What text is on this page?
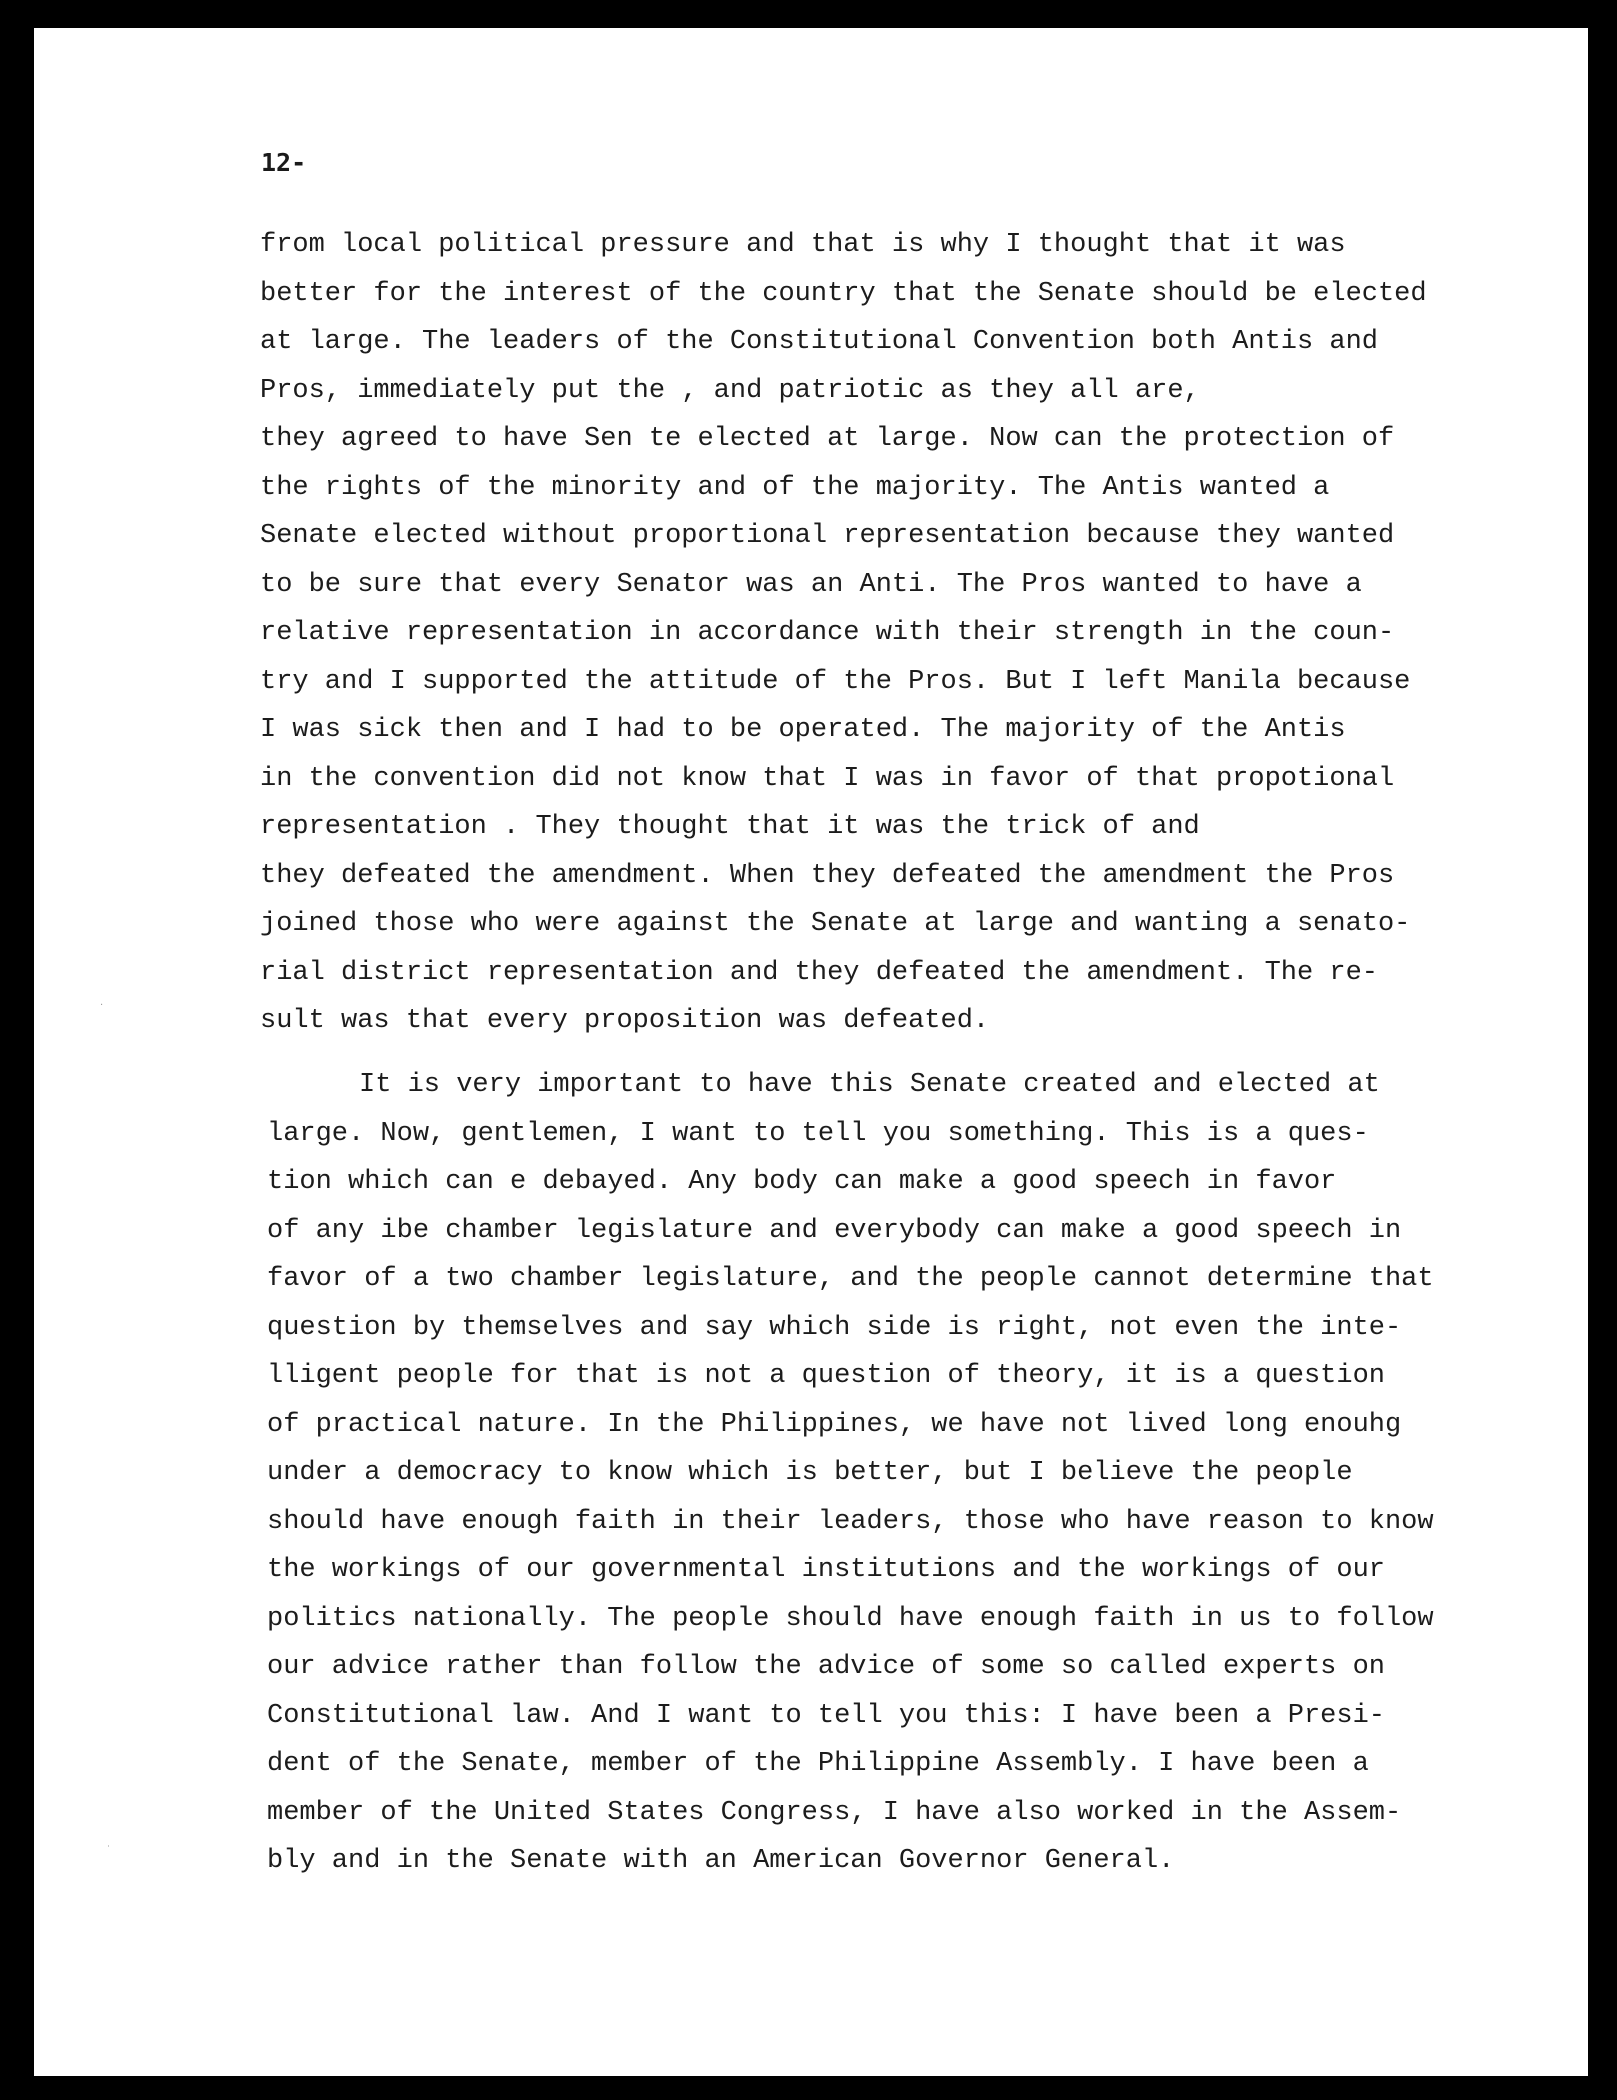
12-

from local political pressure and that is why I thought that it was
better for the interest of the country that the Senate should be elected
at large. The leaders of the Constitutional Convention both Antis and
Pros, immediately put the , and patriotic as they all are,
they agreed to have Sen te elected at large. Now can the protection of
the rights of the minority and of the majority. The Antis wanted a
Senate elected without proportional representation because they wanted
to be sure that every Senator was an Anti. The Pros wanted to have a
relative representation in accordance with their strength in the coun-
try and I supported the attitude of the Pros. But I left Manila because
I was sick then and I had to be operated. The majority of the Antis
in the convention did not know that I was in favor of that propotional
representation . They thought that it was the trick of and
they defeated the amendment. When they defeated the amendment the Pros
joined those who were against the Senate at large and wanting a senato-
rial district representation and they defeated the amendment. The re-
sult was that every proposition was defeated.
It is very important to have this Senate created and elected at
large. Now, gentlemen, I want to tell you something. This is a ques-
tion which can e debayed. Any body can make a good speech in favor
of any ibe chamber legislature and everybody can make a good speech in
favor of a two chamber legislature, and the people cannot determine that
question by themselves and say which side is right, not even the inte-
lligent people for that is not a question of theory, it is a question
of practical nature. In the Philippines, we have not lived long enouhg
under a democracy to know which is better, but I believe the people
should have enough faith in their leaders, those who have reason to know
the workings of our governmental institutions and the workings of our
politics nationally. The people should have enough faith in us to follow
our advice rather than follow the advice of some so called experts on
Constitutional law. And I want to tell you this: I have been a Presi-
dent of the Senate, member of the Philippine Assembly. I have been a
member of the United States Congress, I have also worked in the Assem-
bly and in the Senate with an American Governor General.
·
˙
